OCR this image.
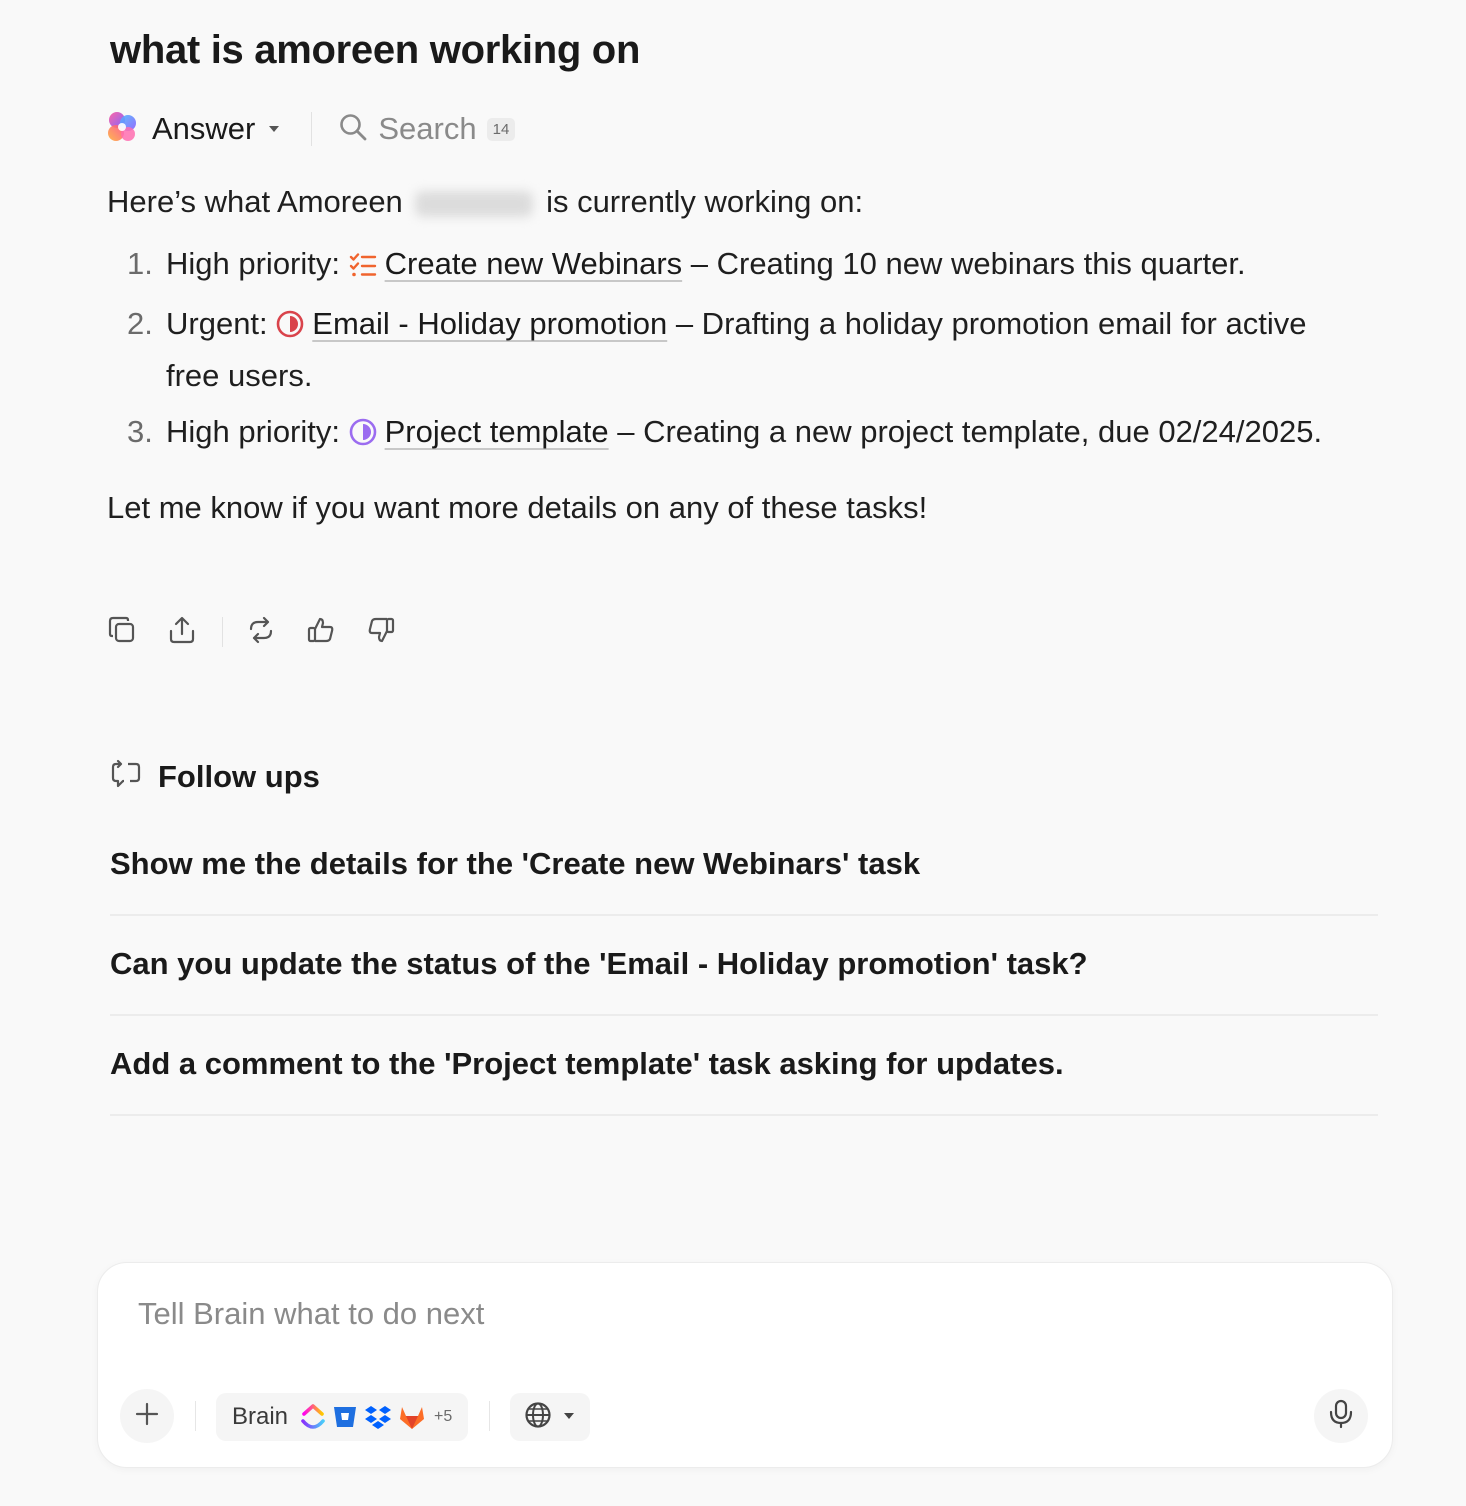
what is amoreen working on
Answer	Search	14

Here’s what Amoreen	is currently working on:

1. High priority: Create new Webinars – Creating 10 new webinars this quarter.
2. Urgent: Email - Holiday promotion – Drafting a holiday promotion email for active free users.
3. High priority: Project template – Creating a new project template, due 02/24/2025.

Let me know if you want more details on any of these tasks!

Follow ups
Show me the details for the 'Create new Webinars' task
Can you update the status of the 'Email - Holiday promotion' task?
Add a comment to the 'Project template' task asking for updates.
Tell Brain what to do next
Brain	+5
